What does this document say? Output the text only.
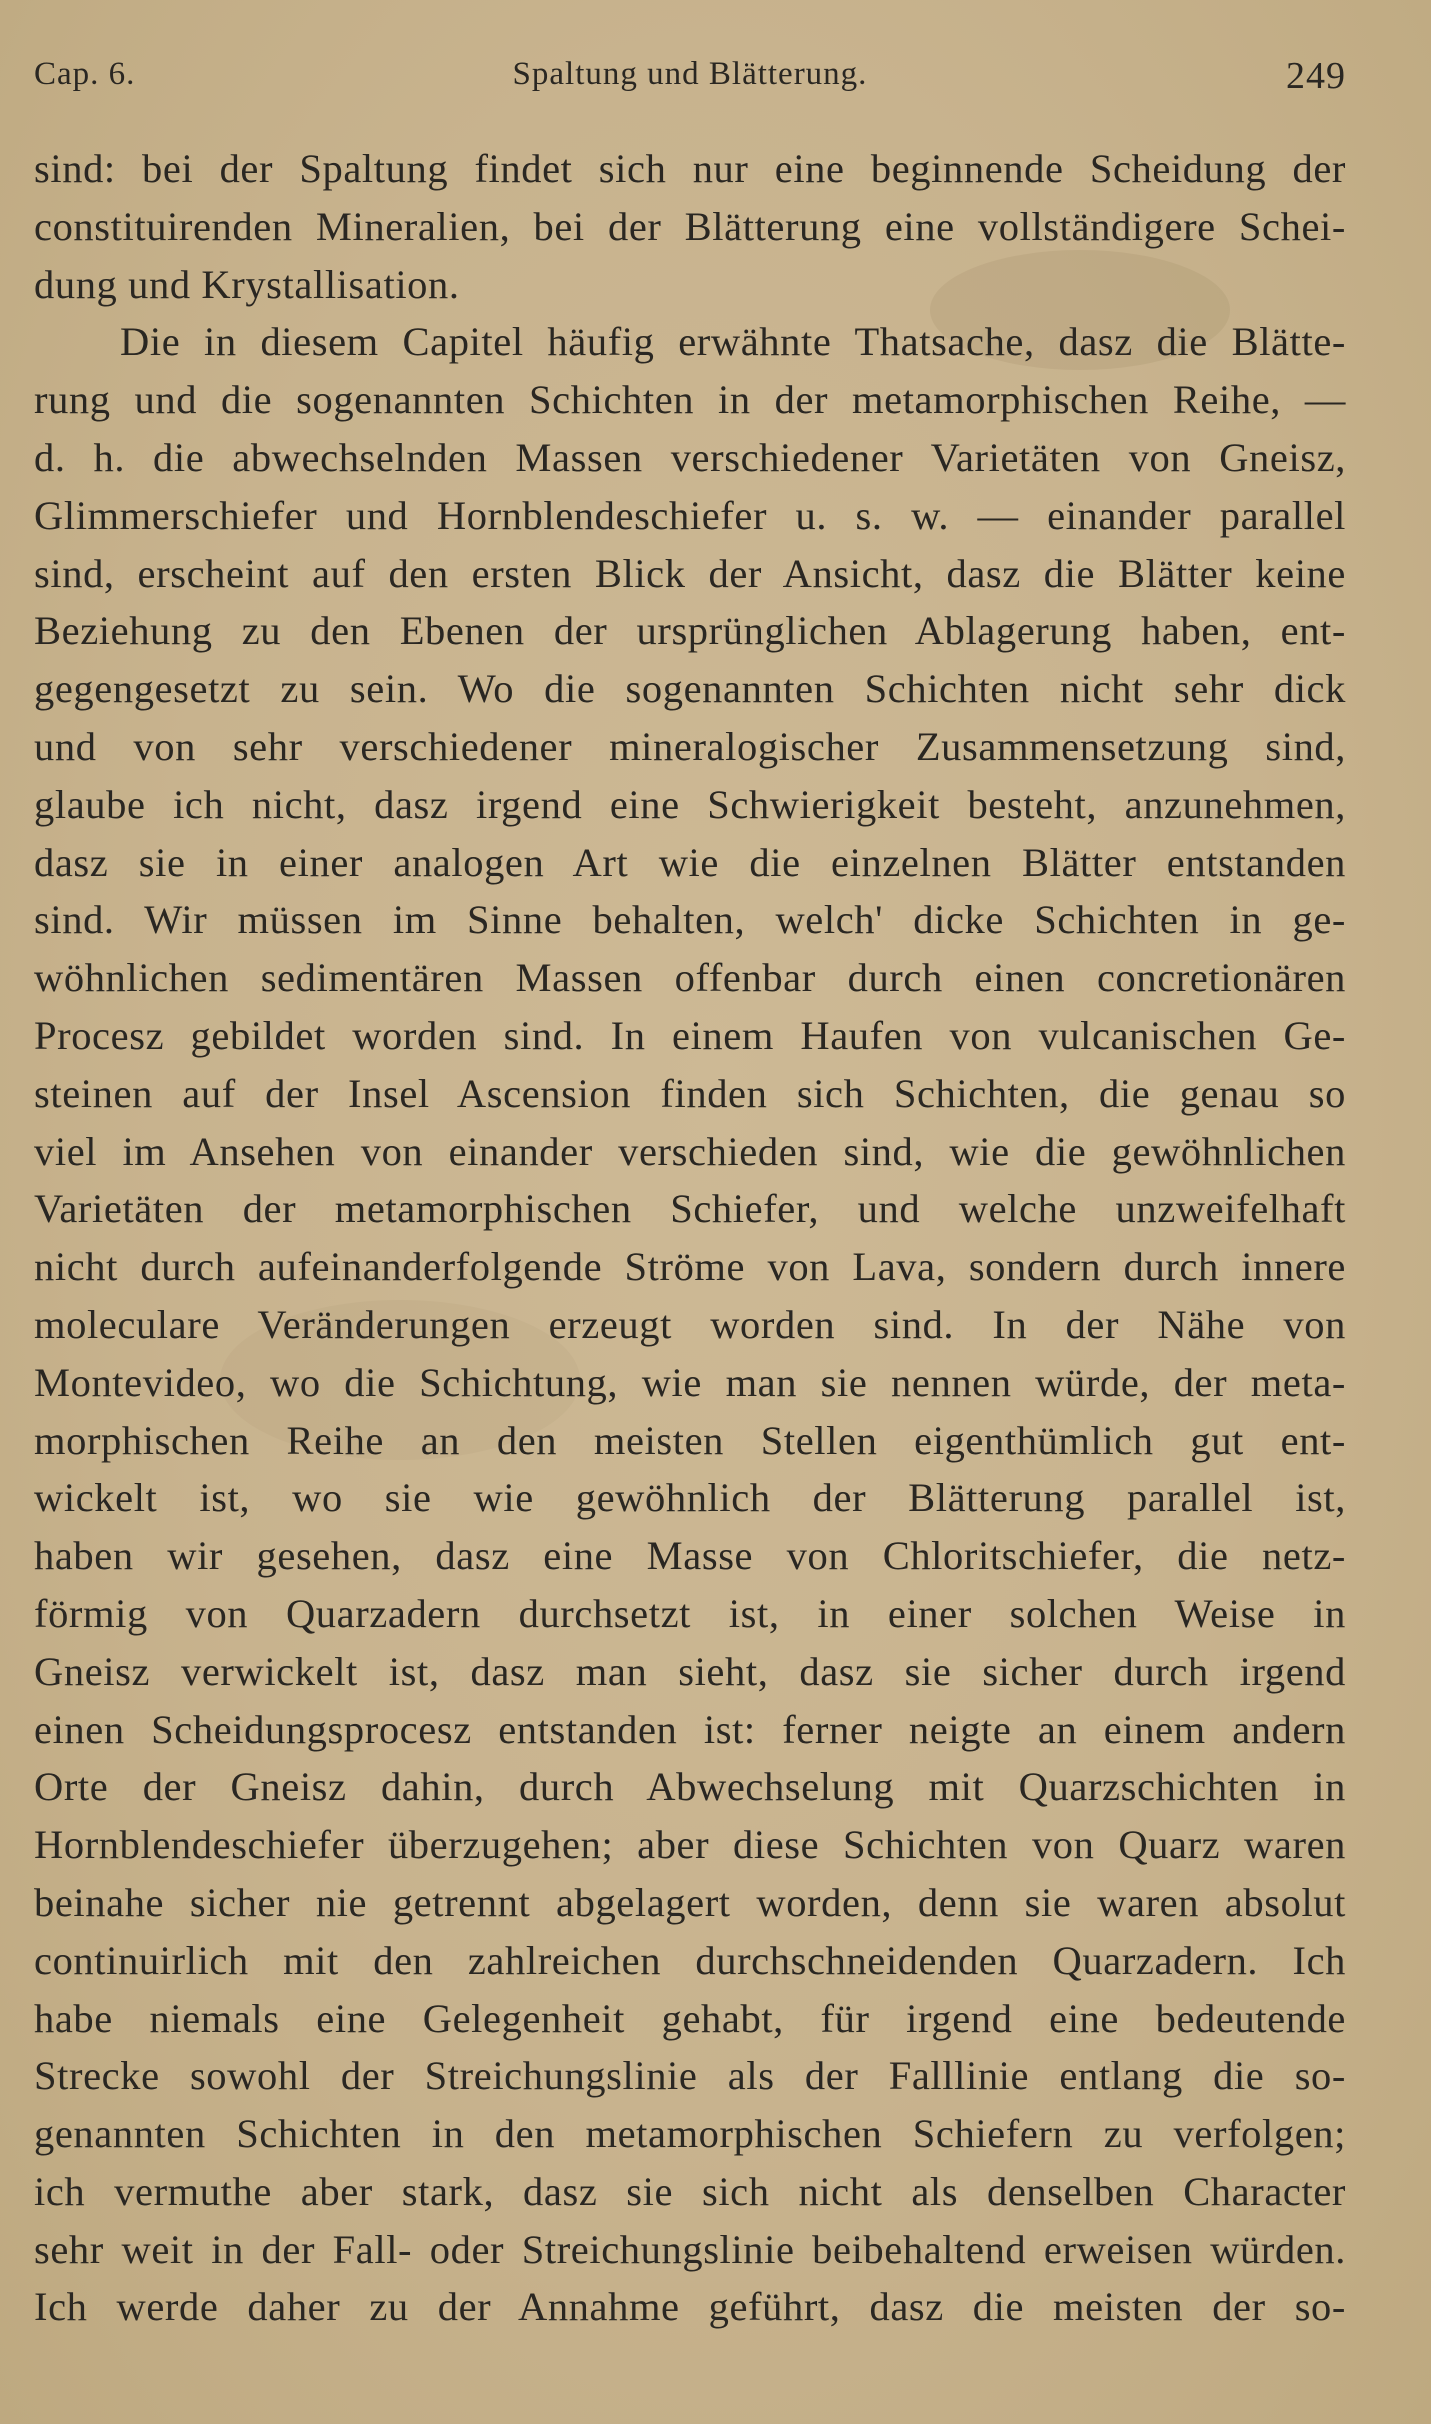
Cap. 6.	Spaltung und Blätterung.	249
sind: bei der Spaltung findet sich nur eine beginnende Scheidung der
constituirenden Mineralien, bei der Blätterung eine vollständigere Schei-
dung und Krystallisation.
Die in diesem Capitel häufig erwähnte Thatsache, dasz die Blätte-
rung und die sogenannten Schichten in der metamorphischen Reihe, —
d. h. die abwechselnden Massen verschiedener Varietäten von Gneisz,
Glimmerschiefer und Hornblendeschiefer u. s. w. — einander parallel
sind, erscheint auf den ersten Blick der Ansicht, dasz die Blätter keine
Beziehung zu den Ebenen der ursprünglichen Ablagerung haben, ent-
gegengesetzt zu sein. Wo die sogenannten Schichten nicht sehr dick
und von sehr verschiedener mineralogischer Zusammensetzung sind,
glaube ich nicht, dasz irgend eine Schwierigkeit besteht, anzunehmen,
dasz sie in einer analogen Art wie die einzelnen Blätter entstanden
sind. Wir müssen im Sinne behalten, welch' dicke Schichten in ge-
wöhnlichen sedimentären Massen offenbar durch einen concretionären
Procesz gebildet worden sind. In einem Haufen von vulcanischen Ge-
steinen auf der Insel Ascension finden sich Schichten, die genau so
viel im Ansehen von einander verschieden sind, wie die gewöhnlichen
Varietäten der metamorphischen Schiefer, und welche unzweifelhaft
nicht durch aufeinanderfolgende Ströme von Lava, sondern durch innere
moleculare Veränderungen erzeugt worden sind. In der Nähe von
Montevideo, wo die Schichtung, wie man sie nennen würde, der meta-
morphischen Reihe an den meisten Stellen eigenthümlich gut ent-
wickelt ist, wo sie wie gewöhnlich der Blätterung parallel ist,
haben wir gesehen, dasz eine Masse von Chloritschiefer, die netz-
förmig von Quarzadern durchsetzt ist, in einer solchen Weise in
Gneisz verwickelt ist, dasz man sieht, dasz sie sicher durch irgend
einen Scheidungsprocesz entstanden ist: ferner neigte an einem andern
Orte der Gneisz dahin, durch Abwechselung mit Quarzschichten in
Hornblendeschiefer überzugehen; aber diese Schichten von Quarz waren
beinahe sicher nie getrennt abgelagert worden, denn sie waren absolut
continuirlich mit den zahlreichen durchschneidenden Quarzadern. Ich
habe niemals eine Gelegenheit gehabt, für irgend eine bedeutende
Strecke sowohl der Streichungslinie als der Falllinie entlang die so-
genannten Schichten in den metamorphischen Schiefern zu verfolgen;
ich vermuthe aber stark, dasz sie sich nicht als denselben Character
sehr weit in der Fall- oder Streichungslinie beibehaltend erweisen würden.
Ich werde daher zu der Annahme geführt, dasz die meisten der so-
